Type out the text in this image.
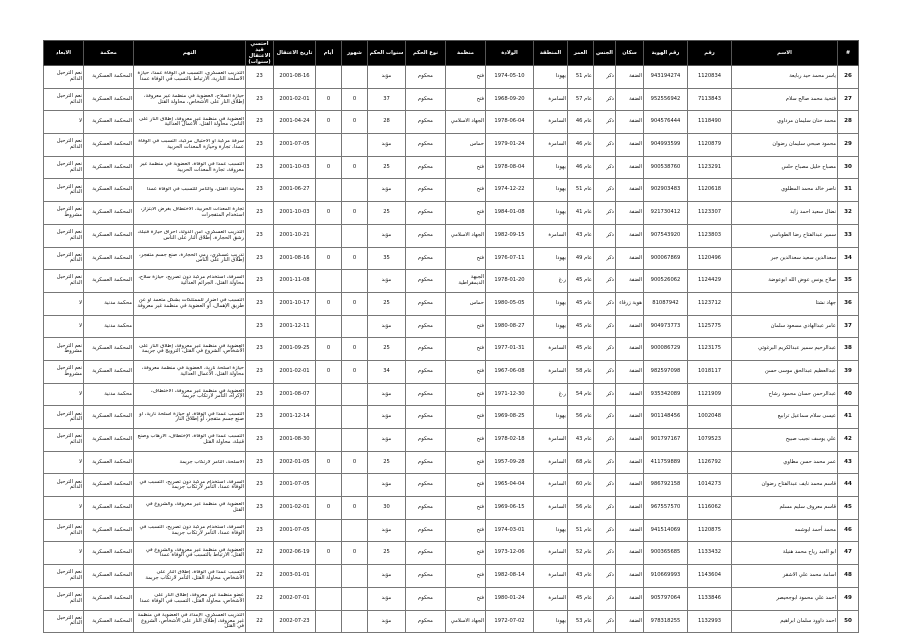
الابعاد	محكمة	التهم	احتسي قيد الاعتقال (سنوات)	تاريخ الاعتقال	أيام	شهور	سنوات الحكم	نوع الحكم	منظمة	الولادة	المنطقة	العمر	الجنس	سكان	رقم الهوية	رقم	الاسم	#
نعم الترحيل الدائم	المحكمة العسكرية	التدريب العسكري، التسبب في الوفاة عمدا، حيازة الاسلحة النارية، الارتباط بالتسبب في الوفاة عمدا	23	2001-08-16			مؤبد	محكوم	فتح	1974-05-10	يهودا	عام 51	ذكر	الضفة	943194274	1120834	ياسر محمد حيد ربايعة	26
نعم الترحيل الدائم	المحكمة العسكرية	حيازة السلاح، العضوية في منظمة غير معروفة، إطلاق النار على الأشخاص، محاولة القتل	23	2001-02-01	0	0	37	محكوم	فتح	1968-09-20	السامرة	عام 57	ذكر	الضفة	952556942	7113843	فتحية محمد صالح سلام	27
لا	المحكمة العسكرية	العضوية في منظمة غير معروفة، إطلاق النار على الناس، محاولة القتل، الأعمال العدائية	23	2001-04-24	0	0	28	محكوم	الجهاد الاسلامي	1978-06-04	السامرة	عام 46	ذكر	الضفة	904576444	1118490	محمد حنان سليمان مرداوي	28
نعم الترحيل الدائم	المحكمة العسكرية	سرقة مركبة أو الاحتيال مركبة، التسبب في الوفاة عمدا، تجارة وحيازة المعدات الحربية	23	2001-07-05			مؤبد	محكوم	حماس	1979-01-24	السامرة	عام 46	ذكر	الضفة	904993599	1120879	محمود صبحي سليمان رضوان	29
نعم الترحيل الدائم	المحكمة العسكرية	التسبب عمدا في الوفاة، العضوية في منظمة غير معروفة، تجارة المعدات الحربية	23	2001-10-03	0	0	25	محكوم	فتح	1978-08-04	يهودا	عام 46	ذكر	الضفة	900538760	1123291	مصباح خليل مصباح حلس	30
نعم الترحيل الدائم	المحكمة العسكرية	محاولة القتل، والتآمر للتسبب في الوفاة عمدا	23	2001-06-27			مؤبد	محكوم	فتح	1974-12-22	يهودا	عام 51	ذكر	الضفة	902903483	1120618	ناصر خالد محمد المطلوي	31
نعم الترحيل مشروط	المحكمة العسكرية	تجارة المعدات الحربية، الاختطاف بغرض الابتزاز، استخدام المتفجرات	23	2001-10-03	0	0	25	محكوم	فتح	1984-01-08	يهودا	عام 41	ذكر	الضفة	921730412	1123307	نضال سعيد احمد زايد	32
نعم الترحيل الدائم	المحكمة العسكرية	التدريب العسكري، أمن الدولة، احراق حيازة قنبلة، رشق الحجارة، إطلاق النار على الناس	23	2001-10-21			مؤبد	محكوم	الجهاد الاسلامي	1982-09-15	السامرة	عام 43	ذكر	الضفة	907543920	1123803	سمير عبدالفتاح رضا الطوباسي	33
نعم الترحيل الدائم	المحكمة العسكرية	تدريب عسكري، رمي الحجارة، صنع جسم متفجر، إطلاق النار على الناس	23	2001-08-16	0	0	35	محكوم	فتح	1976-07-11	يهودا	عام 49	ذكر	الضفة	900067869	1120496	سعدالدين سعيد سعدالدين جبر	34
نعم الترحيل الدائم	المحكمة العسكرية	السرقة، استخدام مركبة دون تصريح، حيازة سلاح، محاولة القتل، الجرائم العدائية	23	2001-11-08			مؤبد	محكوم	الجبهة الديمقراطية	1978-01-20	ر.غ	عام 45	ذكر	الضفة	900526062	1124429	صلاح يونس عوض الله ابوعوضة	35
لا	محكمة مدنية	التسبب في أضرار للممتلكات بشكل متعمد أو عن طريق الإهمال، أو العضوية في منظمة غير معروفة	23	2001-10-17	0	0	25	محكوم	حماس	1980-05-05	يهودا	عام 45	ذكر	هوية زرقاء	81087942	1123712	جهاد نشتا	36
لا	محكمة مدنية		23	2001-12-11			مؤبد	محكوم	فتح	1980-08-27	يهودا	عام 45	ذكر	الضفة	904973773	1125775	عامر عبدالهادي مسعود سلمان	37
نعم الترحيل مشروط	المحكمة العسكرية	العضوية في منظمة غير معروفة، إطلاق النار على الأشخاص، الشروع في القتل، الترويج في جريمة	23	2001-09-25	0	0	25	محكوم	فتح	1977-01-31	السامرة	عام 45	ذكر	الضفة	900086729	1123175	عبدالرحيم سمير عبدالكريم البرغوثي	38
نعم الترحيل مشروط	المحكمة العسكرية	حيازة أسلحة نارية، العضوية في منظمة معروفة، محاولة القتل، الأعمال العدائية	23	2001-02-01	0	0	34	محكوم	فتح	1967-06-08	السامرة	عام 58	ذكر	الضفة	982597098	1018117	عبدالعظيم عبدالحق موسى حسن	39
لا	محكمة مدنية	العضوية في منظمة غير معروفة، الاختطاف، الإكراه، التآمر لارتكاب جريمة	23	2001-08-07			مؤبد	محكوم	فتح	1971-12-30	ر.غ	عام 54	ذكر	الضفة	935342089	1121909	عبدالرحمن حسان محمود رشاح	40
نعم الترحيل الدائم	المحكمة العسكرية	التسبب عمدا في الوفاة، أو حيازة أسلحة نارية، أو صنع جسم متفجر، أو إطلاق النار	23	2001-12-14			مؤبد	محكوم	فتح	1969-08-25	يهودا	عام 56	ذكر	الضفة	901148456	1002048	عيسى سلام سماعيل ترابيع	41
نعم الترحيل الدائم	المحكمة العسكرية	التسبب عمدا في الوفاة، الإختطاف، الارهاب وصنع قنبلة، محاولة القتل	23	2001-08-30			مؤبد	محكوم	فتح	1978-02-18	السامرة	عام 43	ذكر	الضفة	901797167	1079523	علي يوسف نجيب صبيح	42
لا	المحكمة العسكرية	الاسلحة، التآمر لارتكاب جريمة	23	2002-01-05	0	0	25	محكوم	فتح	1957-09-28	السامرة	عام 68	ذكر	الضفة	411759889	1126792	عمر محمد حسن مطاوي	43
نعم الترحيل الدائم	المحكمة العسكرية	السرقة، استخدام مركبة دون تصريح، التسبب في الوفاة عمدا، التآمر لارتكاب جريمة	23	2001-07-05			مؤبد	محكوم	فتح	1965-04-04	السامرة	عام 60	ذكر	الضفة	986792158	1014273	قاسم محمد نايف عبدالفتاح رضوان	44
لا	المحكمة العسكرية	العضوية في منظمة غير معروفة، والشروع في القتل	23	2001-02-01	0	0	30	محكوم	فتح	1969-06-15	السامرة	عام 56	ذكر	الضفة	967557570	1116062	قاسم معروف سليم مسلم	45
نعم الترحيل الدائم	المحكمة العسكرية	السرقة، استخدام مركبة دون تصريح، التسبب في الوفاة عمدا، التآمر لارتكاب جريمة	23	2001-07-05			مؤبد	محكوم	فتح	1974-03-01	يهودا	عام 51	ذكر	الضفة	941514069	1120875	محمد أحمد ابوشمه	46
لا	المحكمة العسكرية	العضوية في منظمة غير معروفة، والشروع في القتل، الارتباط بالتسبب في الوفاة عمدا	22	2002-06-19	0	0	25	محكوم	فتح	1973-12-06	السامرة	عام 52	ذكر	الضفة	900365685	1133432	ابو العبد رياح محمد هنيلة	47
نعم الترحيل الدائم	المحكمة العسكرية	التسبب عمدا في الوفاة، إطلاق النار على الأشخاص، محاولة القتل، التآمر لارتكاب جريمة	22	2003-01-01			مؤبد	محكوم	فتح	1982-08-14	السامرة	عام 43	ذكر	الضفة	910669993	1143604	اسامة محمد علي الاشقر	48
نعم الترحيل الدائم	المحكمة العسكرية	عضو منظمة غير معروفة، إطلاق النار على الأشخاص، محاولة القتل، التسبب في الوفاة عمدا	22	2002-07-01			مؤبد	محكوم	فتح	1980-01-24	السامرة	عام 45	ذكر	الضفة	905797064	1133846	احمد علي محمود ابوجحيصر	49
نعم الترحيل الدائم	المحكمة العسكرية	التدريب العسكري، الإمداد في العضوية في منظمة غير معروفة، إطلاق النار على الأشخاص، الشروع في القتل	22	2002-07-23			مؤبد	محكوم	الجهاد الاسلامي	1972-07-02	يهودا	عام 53	ذكر	الضفة	978318255	1132993	احمد داوود سلمان ابراهيم	50
